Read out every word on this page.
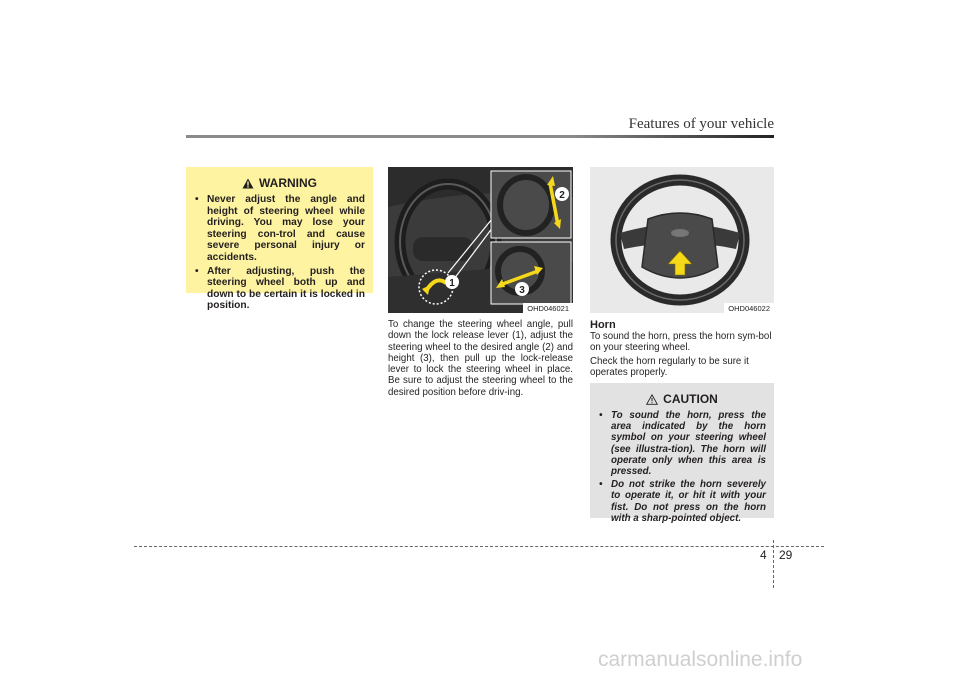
Features of your vehicle
WARNING
• Never adjust the angle and height of steering wheel while driving. You may lose your steering con-trol and cause severe personal injury or accidents.
• After adjusting, push the steering wheel both up and down to be certain it is locked in position.
2
3
1
OHD046021
To change the steering wheel angle, pull down the lock release lever (1), adjust the steering wheel to the desired angle (2) and height (3), then pull up the lock-release lever to lock the steering wheel in place. Be sure to adjust the steering wheel to the desired position before driv-ing.
OHD046022
Horn
To sound the horn, press the horn sym-bol on your steering wheel.
Check the horn regularly to be sure it operates properly.
CAUTION
• To sound the horn, press the area indicated by the horn symbol on your steering wheel (see illustra-tion). The horn will operate only when this area is pressed.
• Do not strike the horn severely to operate it, or hit it with your fist. Do not press on the horn with a sharp-pointed object.
4 29
carmanualsonline.info
